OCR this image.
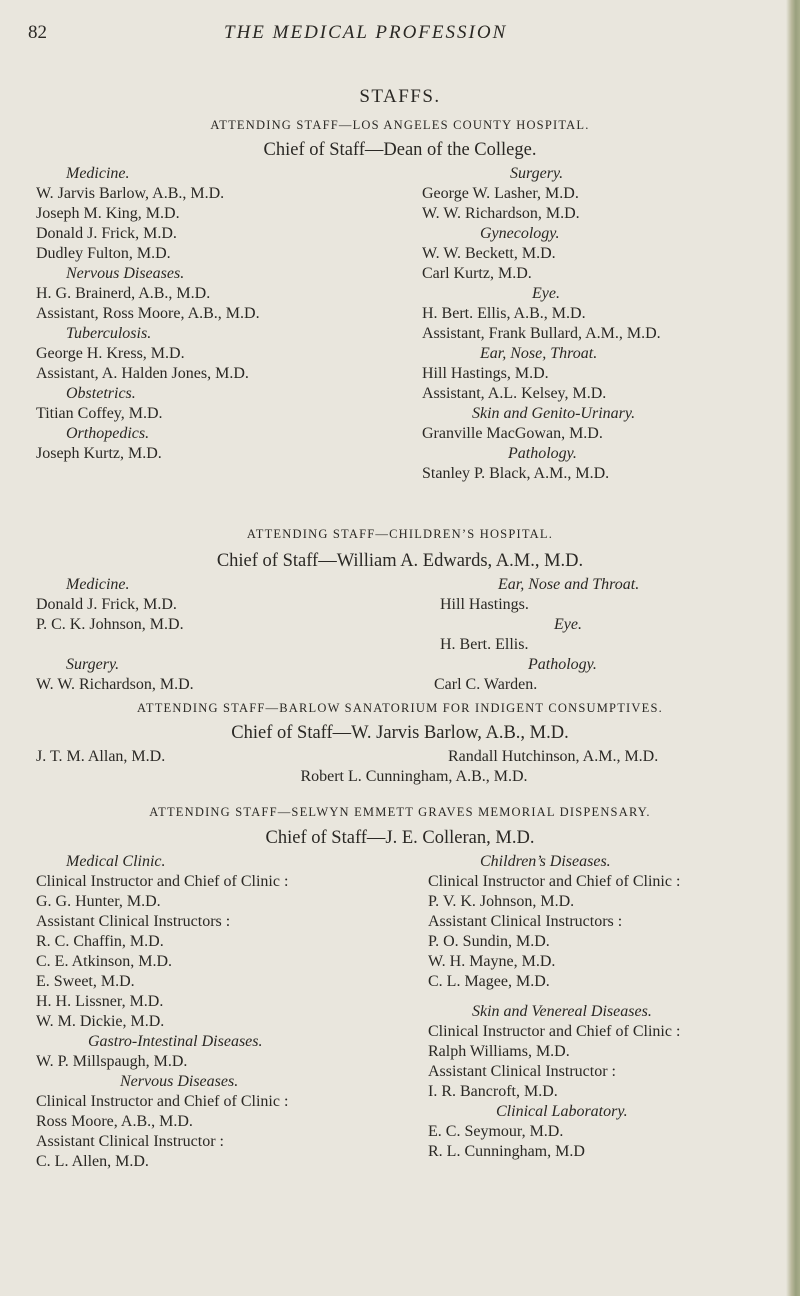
82	THE MEDICAL PROFESSION
STAFFS.
ATTENDING STAFF—LOS ANGELES COUNTY HOSPITAL.
Chief of Staff—Dean of the College.
Medicine.
W. Jarvis Barlow, A.B., M.D.
Joseph M. King, M.D.
Donald J. Frick, M.D.
Dudley Fulton, M.D.
Nervous Diseases.
H. G. Brainerd, A.B., M.D.
Assistant, Ross Moore, A.B., M.D.
Tuberculosis.
George H. Kress, M.D.
Assistant, A. Halden Jones, M.D.
Obstetrics.
Titian Coffey, M.D.
Orthopedics.
Joseph Kurtz, M.D.
Surgery.
George W. Lasher, M.D.
W. W. Richardson, M.D.
Gynecology.
W. W. Beckett, M.D.
Carl Kurtz, M.D.
Eye.
H. Bert. Ellis, A.B., M.D.
Assistant, Frank Bullard, A.M., M.D.
Ear, Nose, Throat.
Hill Hastings, M.D.
Assistant, A.L. Kelsey, M.D.
Skin and Genito-Urinary.
Granville MacGowan, M.D.
Pathology.
Stanley P. Black, A.M., M.D.
ATTENDING STAFF—CHILDREN’S HOSPITAL.
Chief of Staff—William A. Edwards, A.M., M.D.
Medicine.
Donald J. Frick, M.D.
P. C. K. Johnson, M.D.
Surgery.
W. W. Richardson, M.D.
Ear, Nose and Throat.
Hill Hastings.
Eye.
H. Bert. Ellis.
Pathology.
Carl C. Warden.
ATTENDING STAFF—BARLOW SANATORIUM FOR INDIGENT CONSUMPTIVES.
Chief of Staff—W. Jarvis Barlow, A.B., M.D.
J. T. M. Allan, M.D.	Randall Hutchinson, A.M., M.D.
Robert L. Cunningham, A.B., M.D.
ATTENDING STAFF—SELWYN EMMETT GRAVES MEMORIAL DISPENSARY.
Chief of Staff—J. E. Colleran, M.D.
Medical Clinic.
Clinical Instructor and Chief of Clinic :
G. G. Hunter, M.D.
Assistant Clinical Instructors :
R. C. Chaffin, M.D.
C. E. Atkinson, M.D.
E. Sweet, M.D.
H. H. Lissner, M.D.
W. M. Dickie, M.D.
Gastro-Intestinal Diseases.
W. P. Millspaugh, M.D.
Nervous Diseases.
Clinical Instructor and Chief of Clinic :
Ross Moore, A.B., M.D.
Assistant Clinical Instructor :
C. L. Allen, M.D.
Children’s Diseases.
Clinical Instructor and Chief of Clinic :
P. V. K. Johnson, M.D.
Assistant Clinical Instructors :
P. O. Sundin, M.D.
W. H. Mayne, M.D.
C. L. Magee, M.D.
Skin and Venereal Diseases.
Clinical Instructor and Chief of Clinic :
Ralph Williams, M.D.
Assistant Clinical Instructor :
I. R. Bancroft, M.D.
Clinical Laboratory.
E. C. Seymour, M.D.
R. L. Cunningham, M.D
